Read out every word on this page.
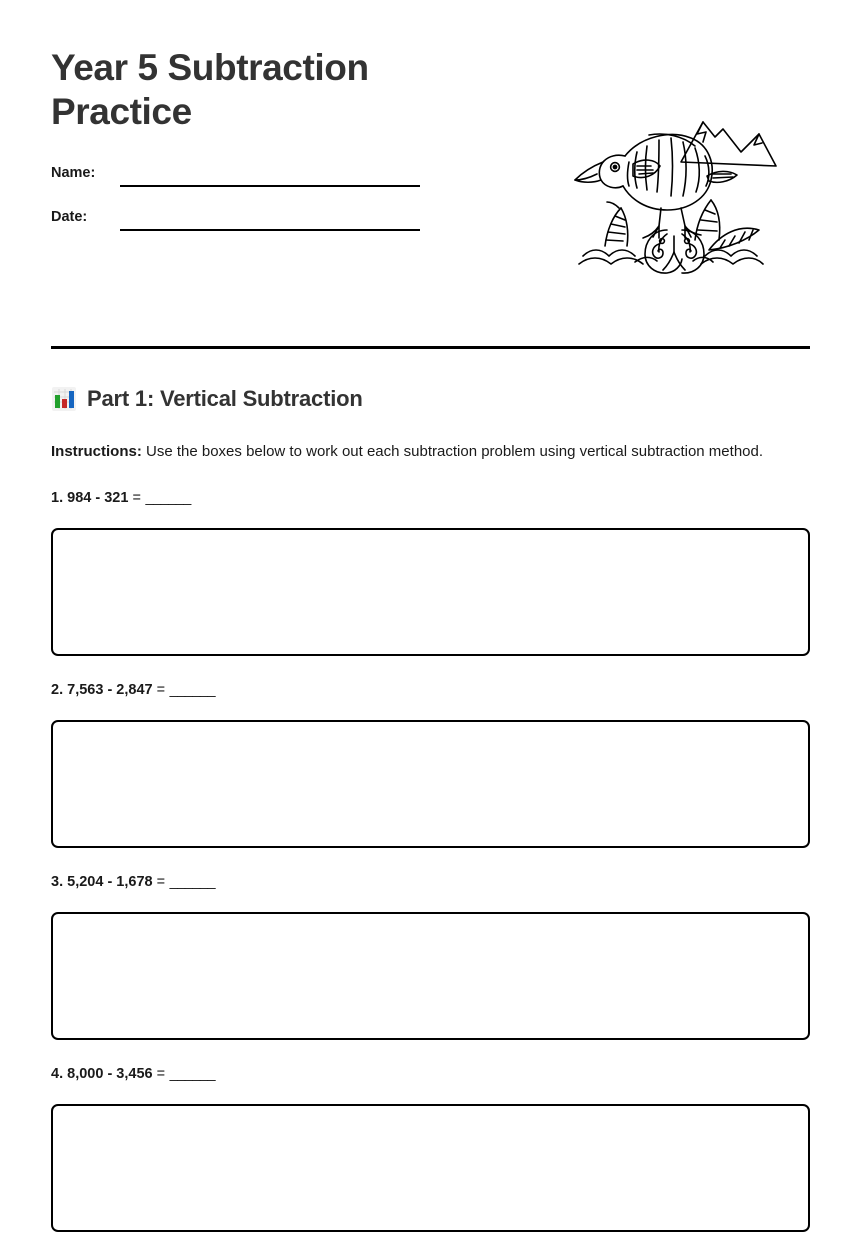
Year 5 Subtraction Practice
Name:
Date:
Part 1: Vertical Subtraction

Instructions: Use the boxes below to work out each subtraction problem using vertical subtraction method.

1. 984 - 321 = ______

2. 7,563 - 2,847 = ______

3. 5,204 - 1,678 = ______

4. 8,000 - 3,456 = ______
